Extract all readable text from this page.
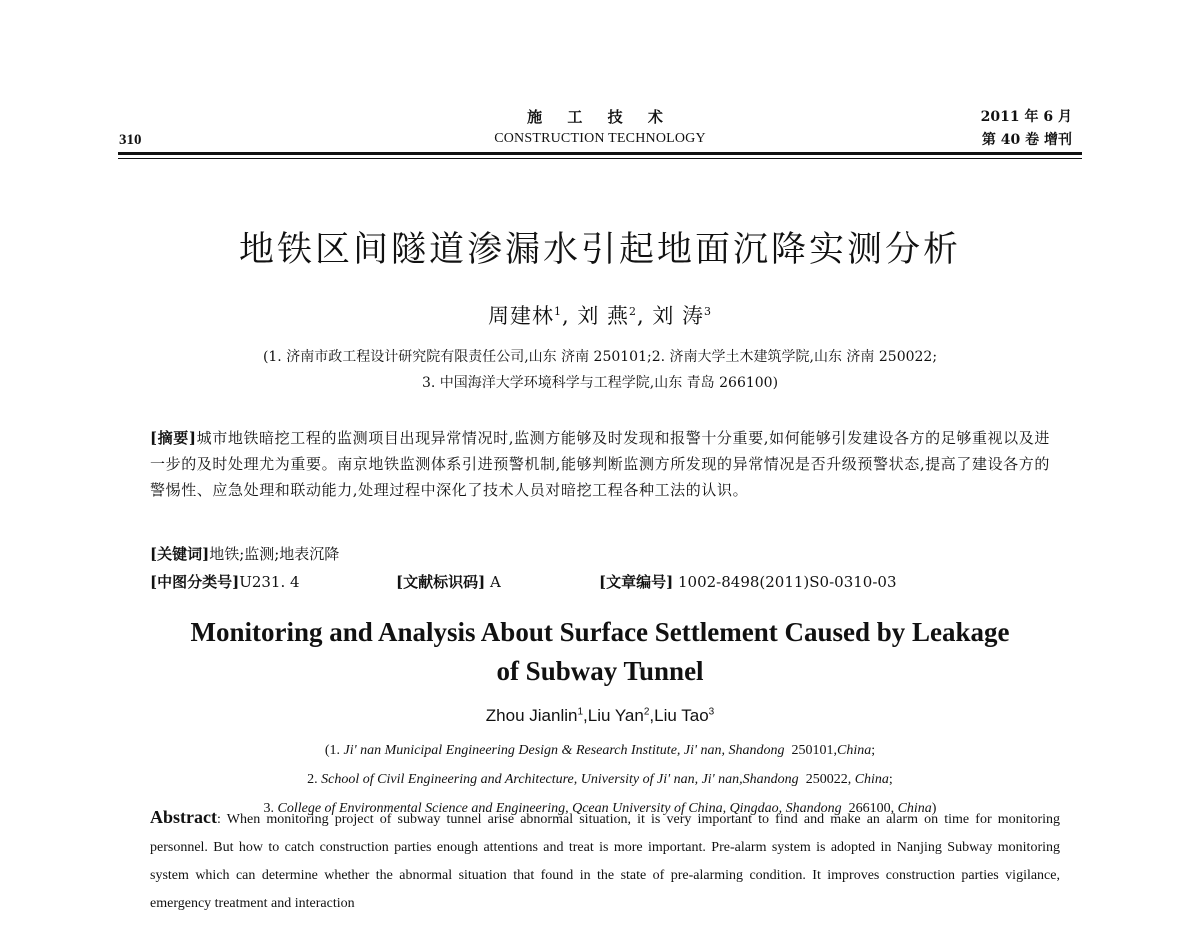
310
施 工 技 术
CONSTRUCTION TECHNOLOGY
2011 年 6 月
第 40 卷 增刊
地铁区间隧道渗漏水引起地面沉降实测分析
周建林$^1$, 刘 燕$^2$, 刘 涛$^3$
(1. 济南市政工程设计研究院有限责任公司,山东 济南 250101;2. 济南大学土木建筑学院,山东 济南 250022;
3. 中国海洋大学环境科学与工程学院,山东 青岛 266100)
[摘要]城市地铁暗挖工程的监测项目出现异常情况时,监测方能够及时发现和报警十分重要,如何能够引发建设各方的足够重视以及进一步的及时处理尤为重要。南京地铁监测体系引进预警机制,能够判断监测方所发现的异常情况是否升级预警状态,提高了建设各方的警惕性、应急处理和联动能力,处理过程中深化了技术人员对暗挖工程各种工法的认识。
[关键词]地铁;监测;地表沉降
[中图分类号]U231. 4	[文献标识码] A	[文章编号] 1002-8498(2011)S0-0310-03
Monitoring and Analysis About Surface Settlement Caused by Leakage
of Subway Tunnel
Zhou Jianlin$^1$,Liu Yan$^2$,Liu Tao$^3$
(1. Ji' nan Municipal Engineering Design & Research Institute, Ji' nan, Shandong 250101,China;
2. School of Civil Engineering and Architecture, University of Ji' nan, Ji' nan,Shandong 250022, China;
3. College of Environmental Science and Engineering, Qcean University of China, Qingdao, Shandong 266100, China)
Abstract: When monitoring project of subway tunnel arise abnormal situation, it is very important to find and make an alarm on time for monitoring personnel. But how to catch construction parties enough attentions and treat is more important. Pre-alarm system is adopted in Nanjing Subway monitoring system which can determine whether the abnormal situation that found in the state of pre-alarming condition. It improves construction parties vigilance, emergency treatment and interaction
